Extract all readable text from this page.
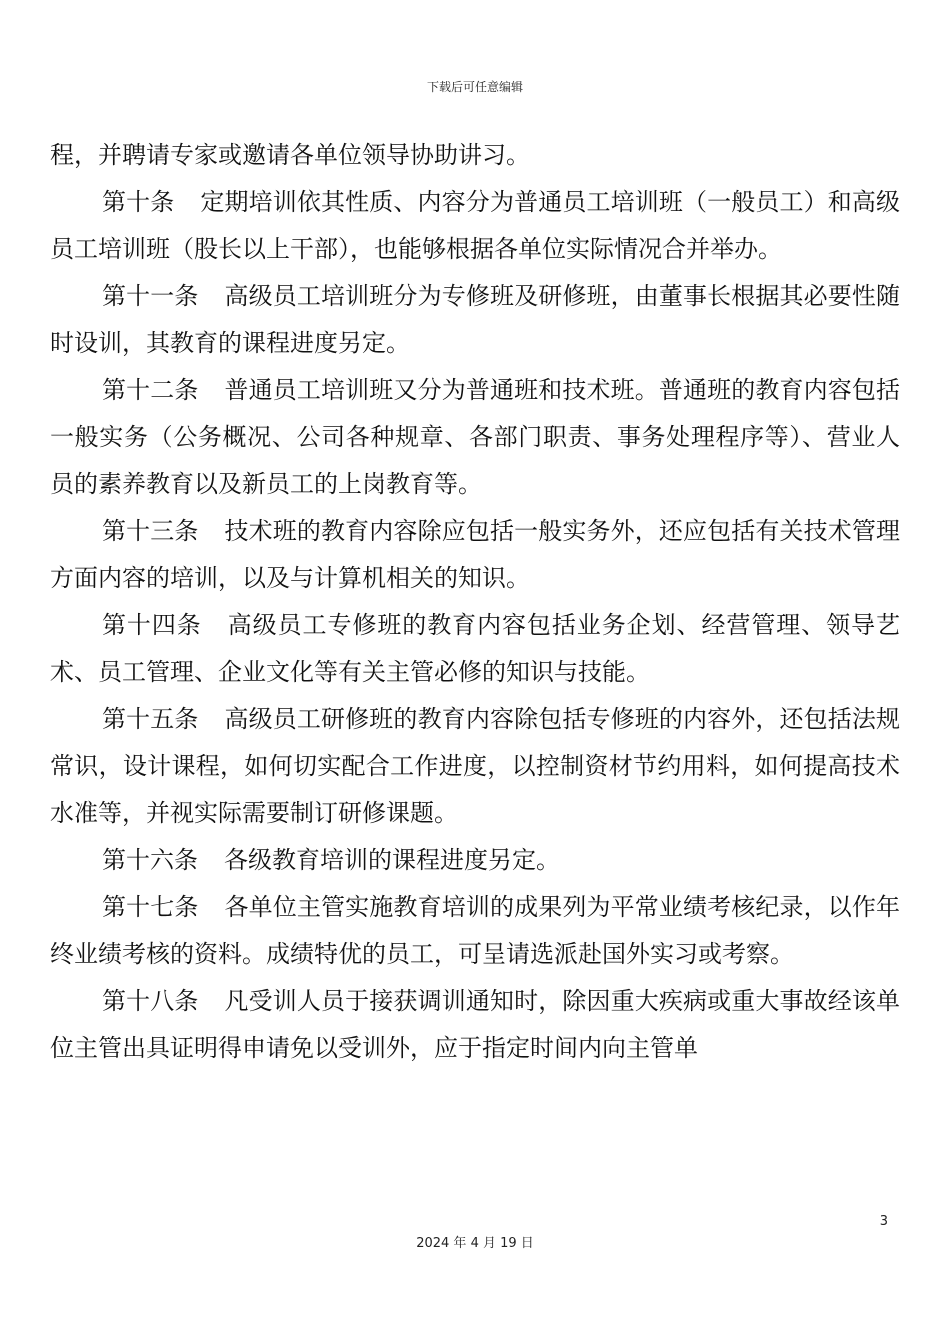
下载后可任意编辑

程，并聘请专家或邀请各单位领导协助讲习。

第十条 定期培训依其性质、内容分为普通员工培训班（一般员工）和高级员工培训班（股长以上干部），也能够根据各单位实际情况合并举办。

第十一条 高级员工培训班分为专修班及研修班，由董事长根据其必要性随时设训，其教育的课程进度另定。

第十二条 普通员工培训班又分为普通班和技术班。普通班的教育内容包括一般实务（公务概况、公司各种规章、各部门职责、事务处理程序等）、营业人员的素养教育以及新员工的上岗教育等。

第十三条 技术班的教育内容除应包括一般实务外，还应包括有关技术管理方面内容的培训，以及与计算机相关的知识。

第十四条 高级员工专修班的教育内容包括业务企划、经营管理、领导艺术、员工管理、企业文化等有关主管必修的知识与技能。

第十五条 高级员工研修班的教育内容除包括专修班的内容外，还包括法规常识，设计课程，如何切实配合工作进度，以控制资材节约用料，如何提高技术水准等，并视实际需要制订研修课题。

第十六条 各级教育培训的课程进度另定。

第十七条 各单位主管实施教育培训的成果列为平常业绩考核纪录，以作年终业绩考核的资料。成绩特优的员工，可呈请选派赴国外实习或考察。

第十八条 凡受训人员于接获调训通知时，除因重大疾病或重大事故经该单位主管出具证明得申请免以受训外，应于指定时间内向主管单

3
2024 年 4 月 19 日
